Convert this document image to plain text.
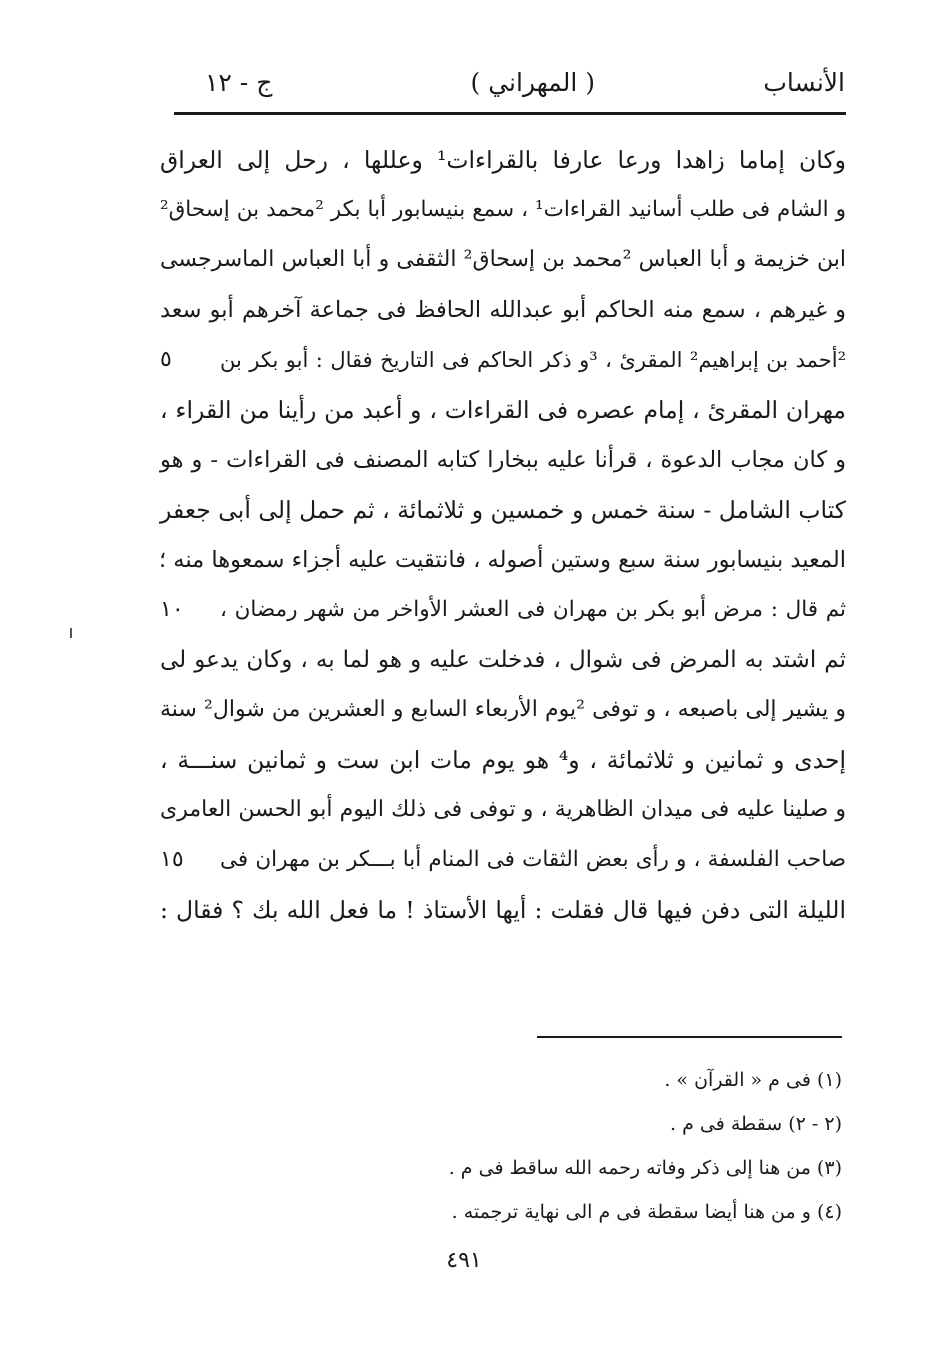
الأنساب
( المهراني )
ج - ١٢
وكان إماما زاهدا ورعا عارفا بالقراءات¹ وعللها ، رحل إلى العراق
و الشام فى طلب أسانيد القراءات¹ ، سمع بنيسابور أبا بكر ²محمد بن إسحاق²
ابن خزيمة و أبا العباس ²محمد بن إسحاق² الثقفى و أبا العباس الماسرجسى
و غيرهم ، سمع منه الحاكم أبو عبدالله الحافظ فى جماعة آخرهم أبو سعد
٥ ²أحمد بن إبراهيم² المقرئ ، ³و ذكر الحاكم فى التاريخ فقال : أبو بكر بن
مهران المقرئ ، إمام عصره فى القراءات ، و أعبد من رأينا من القراء ،
و كان مجاب الدعوة ، قرأنا عليه ببخارا كتابه المصنف فى القراءات - و هو
كتاب الشامل - سنة خمس و خمسين و ثلاثمائة ، ثم حمل إلى أبى جعفر
المعيد بنيسابور سنة سبع وستين أصوله ، فانتقيت عليه أجزاء سمعوها منه ؛
١٠ ثم قال : مرض أبو بكر بن مهران فى العشر الأواخر من شهر رمضان ،
ثم اشتد به المرض فى شوال ، فدخلت عليه و هو لما به ، وكان يدعو لى
و يشير إلى باصبعه ، و توفى ²يوم الأربعاء السابع و العشرين من شوال² سنة
إحدى و ثمانين و ثلاثمائة ، و⁴ هو يوم مات ابن ست و ثمانين سنـــة ،
و صلينا عليه فى ميدان الظاهرية ، و توفى فى ذلك اليوم أبو الحسن العامرى
١٥ صاحب الفلسفة ، و رأى بعض الثقات فى المنام أبا بـــكر بن مهران فى
الليلة التى دفن فيها قال فقلت : أيها الأستاذ ! ما فعل الله بك ؟ فقال :
(١) فى م « القرآن » .
(٢ - ٢) سقطة فى م .
(٣) من هنا إلى ذكر وفاته رحمه الله ساقط فى م .
(٤) و من هنا أيضا سقطة فى م الى نهاية ترجمته .
٤٩١
